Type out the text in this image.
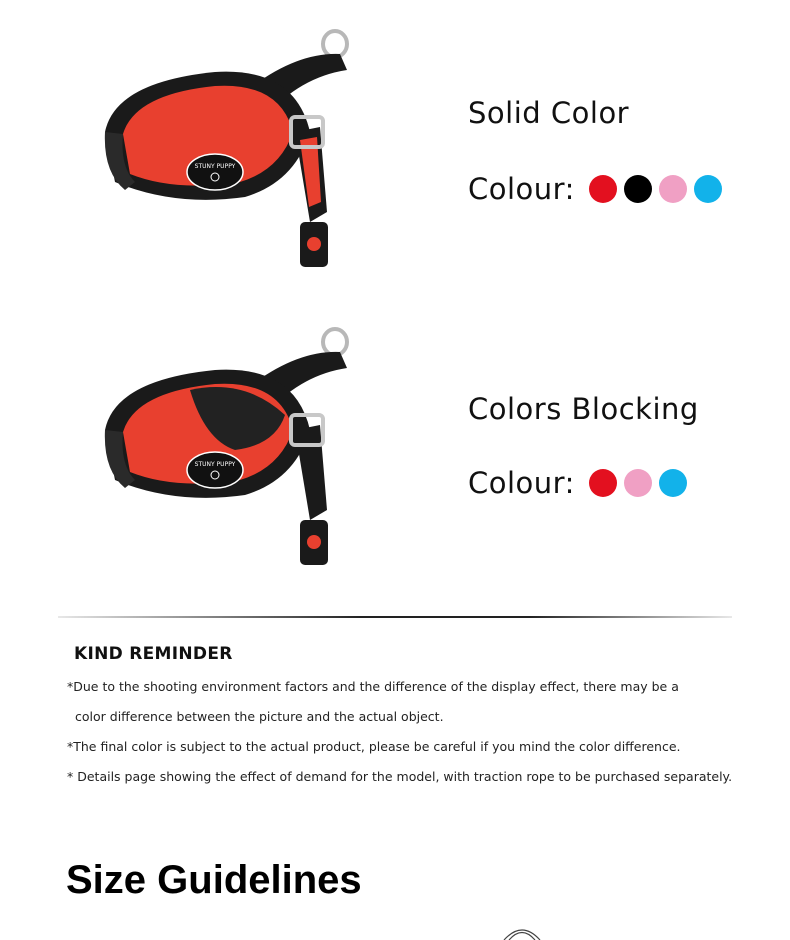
STUNY PUPPY
Solid Color
Colour:
STUNY PUPPY
Colors Blocking
Colour:
KIND REMINDER
*Due to the shooting environment factors and the difference of the display effect, there may be a
color difference between the picture and the actual object.
*The final color is subject to the actual product, please be careful if you mind the color difference.
* Details page showing the effect of demand for the model, with traction rope to be purchased separately.
Size Guidelines
